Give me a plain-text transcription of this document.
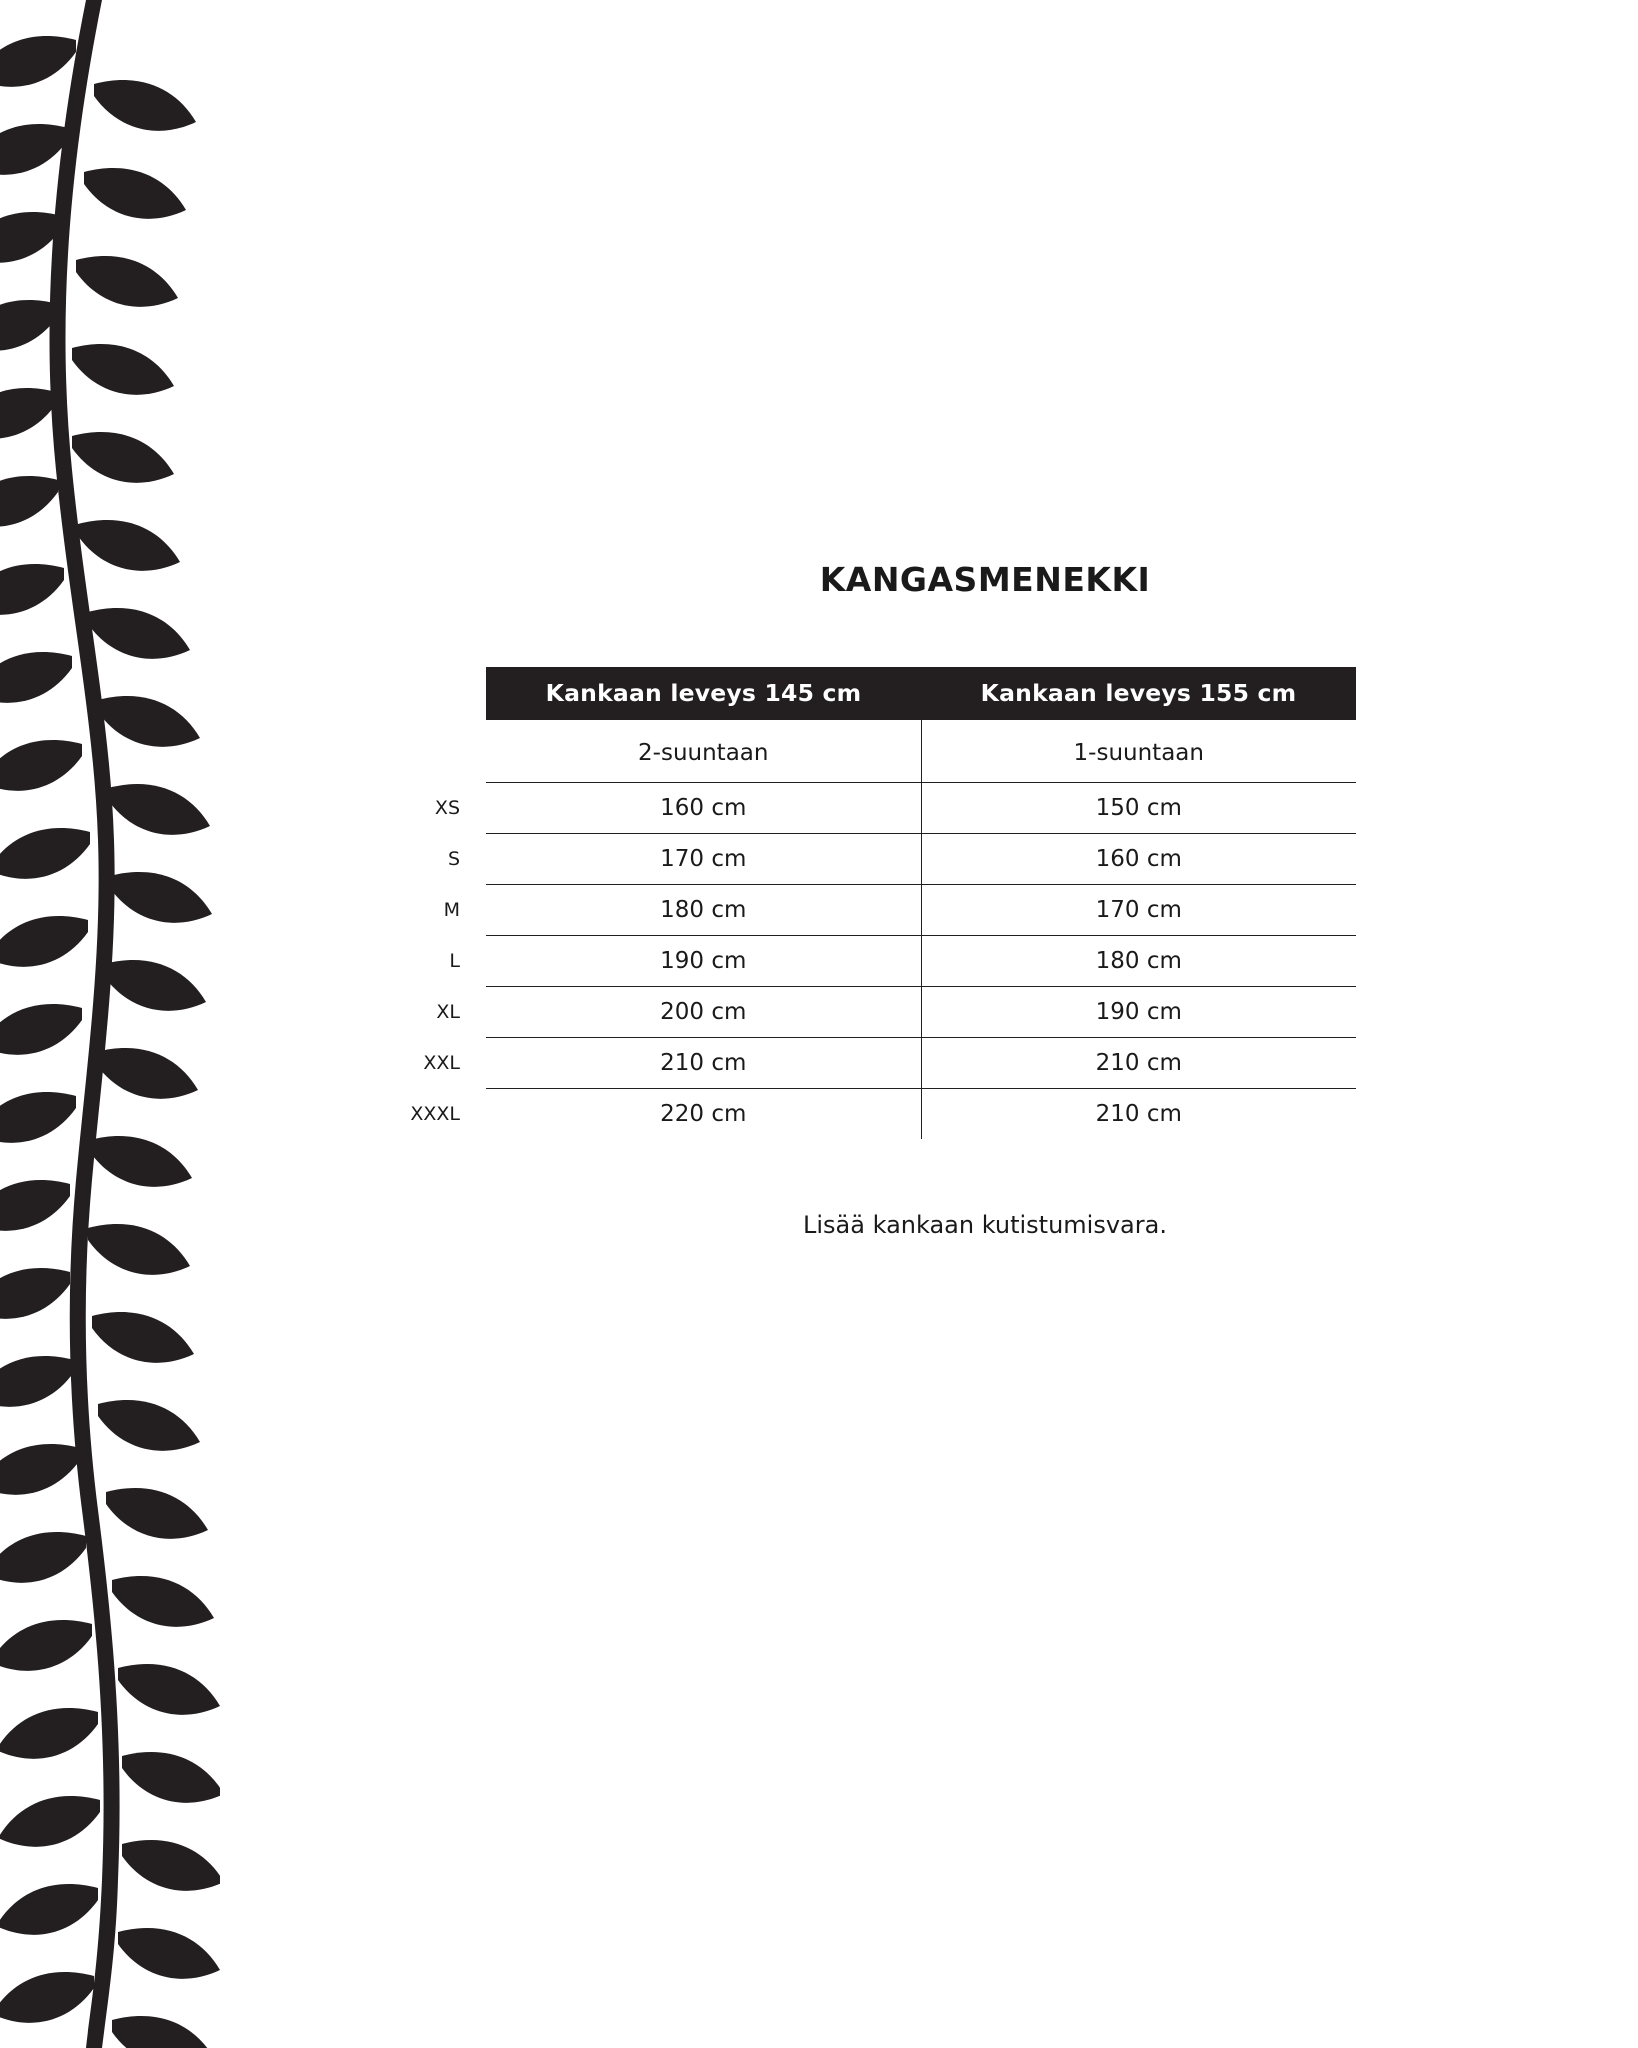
KANGASMENEKKI
	Kankaan leveys 145 cm	Kankaan leveys 155 cm
	2-suuntaan	1-suuntaan
XS	160 cm	150 cm
S	170 cm	160 cm
M	180 cm	170 cm
L	190 cm	180 cm
XL	200 cm	190 cm
XXL	210 cm	210 cm
XXXL	220 cm	210 cm

Lisää kankaan kutistumisvara.
